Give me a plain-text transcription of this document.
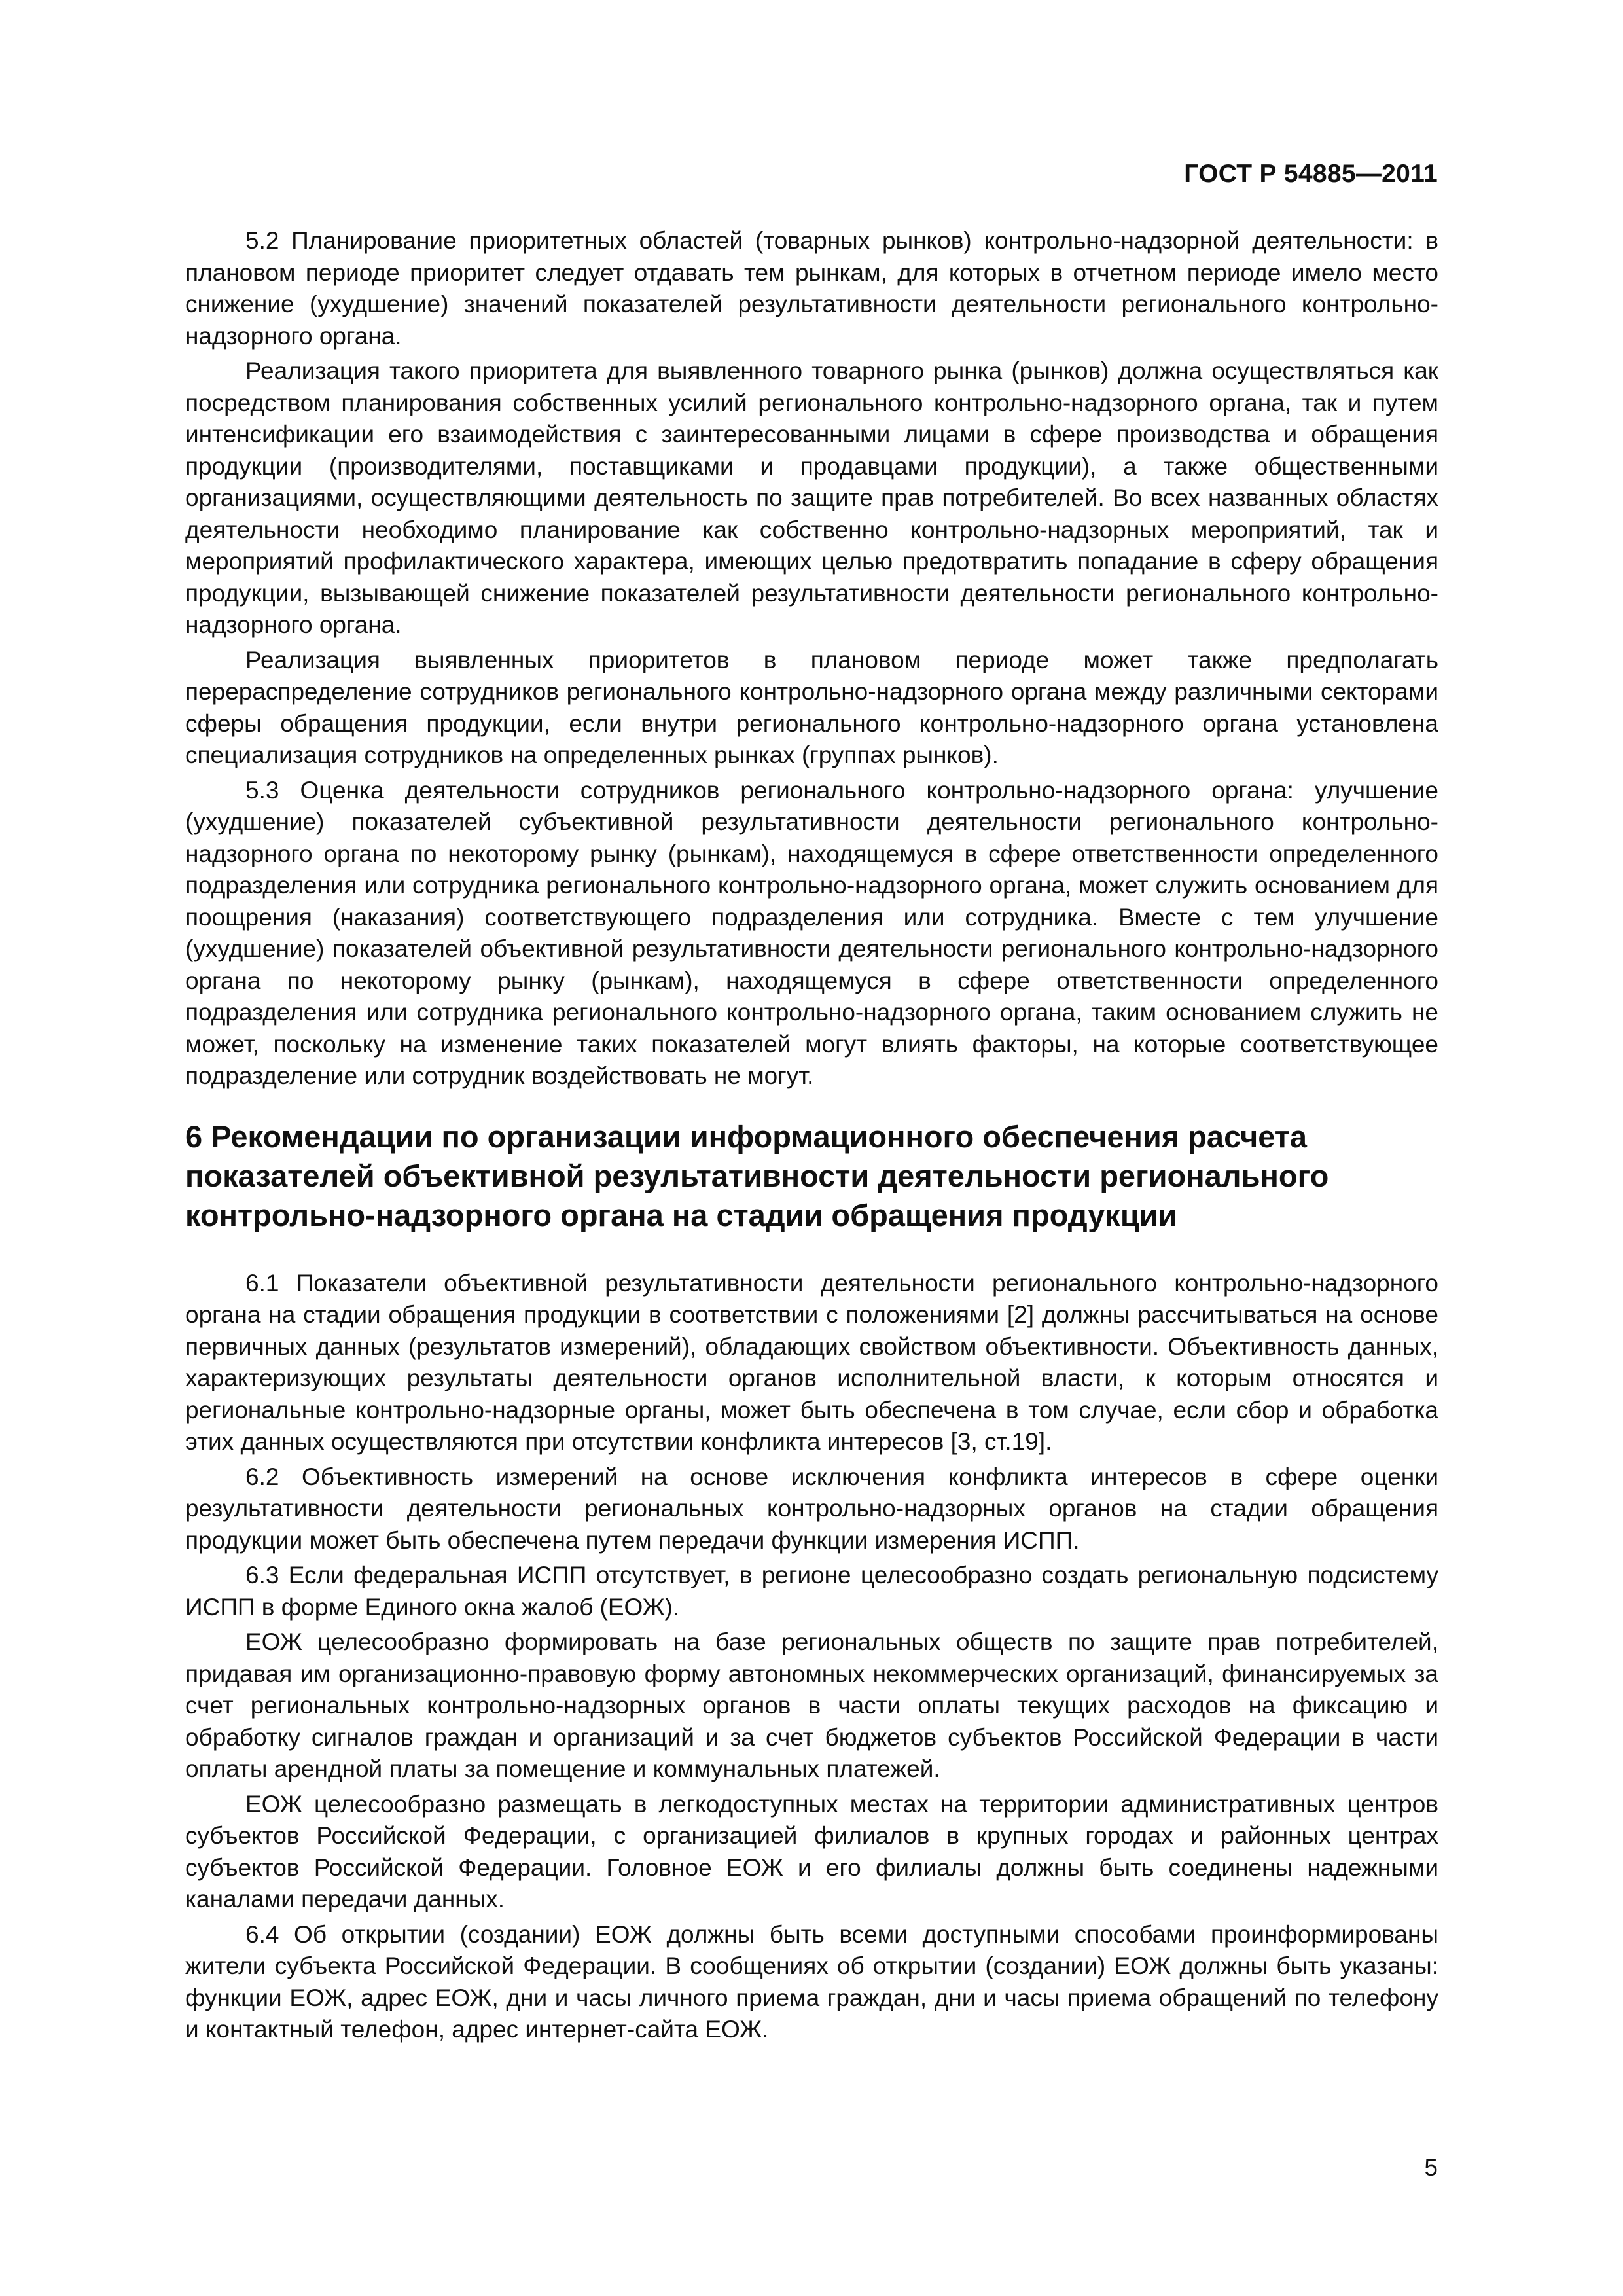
ГОСТ Р 54885—2011

5.2 Планирование приоритетных областей (товарных рынков) контрольно-надзорной деятельности: в плановом периоде приоритет следует отдавать тем рынкам, для которых в отчетном периоде имело место снижение (ухудшение) значений показателей результативности деятельности регионального контрольно-надзорного органа.

Реализация такого приоритета для выявленного товарного рынка (рынков) должна осуществляться как посредством планирования собственных усилий регионального контрольно-надзорного органа, так и путем интенсификации его взаимодействия с заинтересованными лицами в сфере производства и обращения продукции (производителями, поставщиками и продавцами продукции), а также общественными организациями, осуществляющими деятельность по защите прав потребителей. Во всех названных областях деятельности необходимо планирование как собственно контрольно-надзорных мероприятий, так и мероприятий профилактического характера, имеющих целью предотвратить попадание в сферу обращения продукции, вызывающей снижение показателей результативности деятельности регионального контрольно-надзорного органа.

Реализация выявленных приоритетов в плановом периоде может также предполагать перераспределение сотрудников регионального контрольно-надзорного органа между различными секторами сферы обращения продукции, если внутри регионального контрольно-надзорного органа установлена специализация сотрудников на определенных рынках (группах рынков).

5.3 Оценка деятельности сотрудников регионального контрольно-надзорного органа: улучшение (ухудшение) показателей субъективной результативности деятельности регионального контрольно-надзорного органа по некоторому рынку (рынкам), находящемуся в сфере ответственности определенного подразделения или сотрудника регионального контрольно-надзорного органа, может служить основанием для поощрения (наказания) соответствующего подразделения или сотрудника. Вместе с тем улучшение (ухудшение) показателей объективной результативности деятельности регионального контрольно-надзорного органа по некоторому рынку (рынкам), находящемуся в сфере ответственности определенного подразделения или сотрудника регионального контрольно-надзорного органа, таким основанием служить не может, поскольку на изменение таких показателей могут влиять факторы, на которые соответствующее подразделение или сотрудник воздействовать не могут.

6 Рекомендации по организации информационного обеспечения расчета показателей объективной результативности деятельности регионального контрольно-надзорного органа на стадии обращения продукции

6.1 Показатели объективной результативности деятельности регионального контрольно-надзорного органа на стадии обращения продукции в соответствии с положениями [2] должны рассчитываться на основе первичных данных (результатов измерений), обладающих свойством объективности. Объективность данных, характеризующих результаты деятельности органов исполнительной власти, к которым относятся и региональные контрольно-надзорные органы, может быть обеспечена в том случае, если сбор и обработка этих данных осуществляются при отсутствии конфликта интересов [3, ст.19].

6.2 Объективность измерений на основе исключения конфликта интересов в сфере оценки результативности деятельности региональных контрольно-надзорных органов на стадии обращения продукции может быть обеспечена путем передачи функции измерения ИСПП.

6.3 Если федеральная ИСПП отсутствует, в регионе целесообразно создать региональную подсистему ИСПП в форме Единого окна жалоб (ЕОЖ).

ЕОЖ целесообразно формировать на базе региональных обществ по защите прав потребителей, придавая им организационно-правовую форму автономных некоммерческих организаций, финансируемых за счет региональных контрольно-надзорных органов в части оплаты текущих расходов на фиксацию и обработку сигналов граждан и организаций и за счет бюджетов субъектов Российской Федерации в части оплаты арендной платы за помещение и коммунальных платежей.

ЕОЖ целесообразно размещать в легкодоступных местах на территории административных центров субъектов Российской Федерации, с организацией филиалов в крупных городах и районных центрах субъектов Российской Федерации. Головное ЕОЖ и его филиалы должны быть соединены надежными каналами передачи данных.

6.4 Об открытии (создании) ЕОЖ должны быть всеми доступными способами проинформированы жители субъекта Российской Федерации. В сообщениях об открытии (создании) ЕОЖ должны быть указаны: функции ЕОЖ, адрес ЕОЖ, дни и часы личного приема граждан, дни и часы приема обращений по телефону и контактный телефон, адрес интернет-сайта ЕОЖ.

5
